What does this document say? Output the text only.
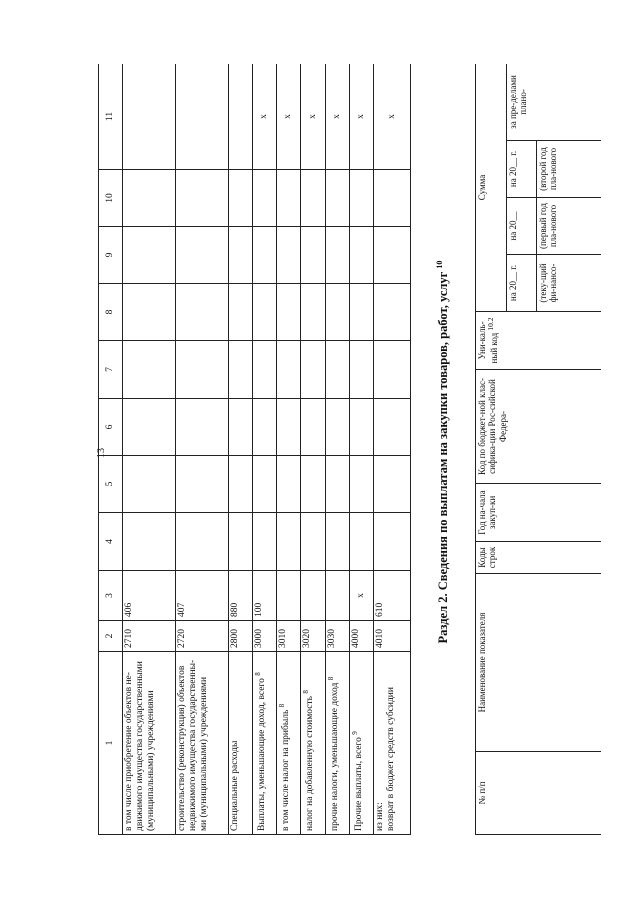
13
1	2	3	4	5	6	7	8	9	10	11
в том числе приобретение объектов не-движимого имущества государственными (муниципальными) учреждениями	2710	406								
строительство (реконструкция) объектов недвижимого имущества государственны-ми (муниципальными) учреждениями	2720	407								
Специальные расходы	2800	880								
Выплаты, уменьшающие доход, всего $^8$	3000	100								x
в том числе налог на прибыль $^8$	3010									x
налог на добавленную стоимость $^8$	3020									x
прочие налоги, уменьшающие доход $^8$	3030									x
Прочие выплаты, всего $^9$	4000	x								x
из них:
возврат в бюджет средств субсидии	4010	610								x
Раздел 2. Сведения по выплатам на закупки товаров, работ, услуг $^{10}$
№ п/п	Наименование показателя	Коды строк	Год на-чала закуп-ки	Код по бюджет-ной клас-сифика-ции Рос-сийской Федера-	Уни-каль-ный код $^{10.2}$	Сумма			
						на 20__ г.	на 20__	на 20__ г.	за пре-делами плано-
						(теку-щий фи-нансо-	(первый год пла-нового	(второй год пла-нового	
